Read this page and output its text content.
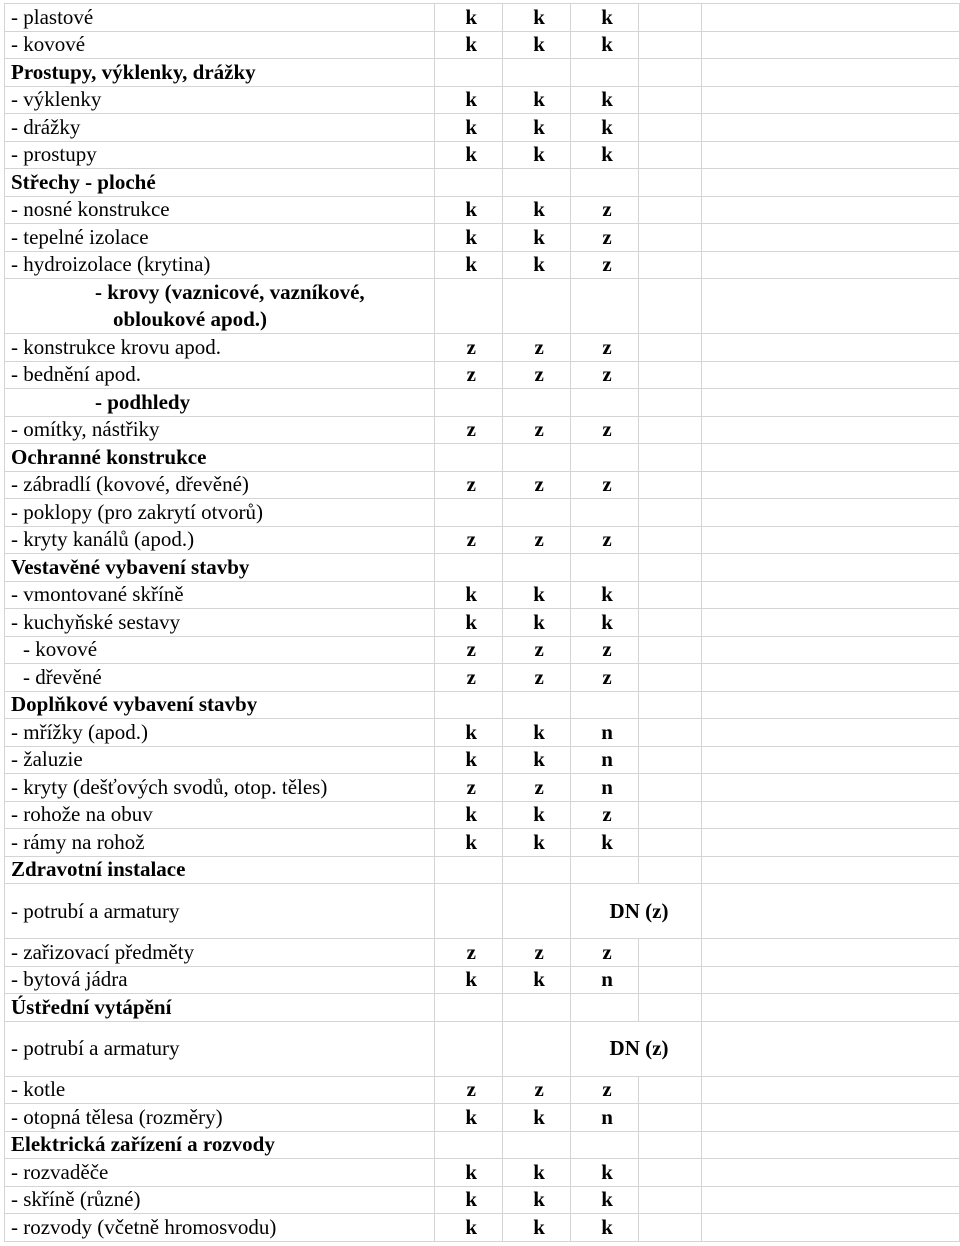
- plastové	k	k	k		
- kovové	k	k	k		
Prostupy, výklenky, drážky					
- výklenky	k	k	k		
- drážky	k	k	k		
- prostupy	k	k	k		
Střechy - ploché					
- nosné konstrukce	k	k	z		
- tepelné izolace	k	k	z		
- hydroizolace (krytina)	k	k	z		
- krovy (vaznicové, vazníkové,
obloukové apod.)					
- konstrukce krovu apod.	z	z	z		
- bednění apod.	z	z	z		
- podhledy					
- omítky, nástřiky	z	z	z		
Ochranné konstrukce					
- zábradlí (kovové, dřevěné)	z	z	z		
- poklopy (pro zakrytí otvorů)					
- kryty kanálů (apod.)	z	z	z		
Vestavěné vybavení stavby					
- vmontované skříně	k	k	k		
- kuchyňské sestavy	k	k	k		
- kovové	z	z	z		
- dřevěné	z	z	z		
Doplňkové vybavení stavby					
- mřížky (apod.)	k	k	n		
- žaluzie	k	k	n		
- kryty (dešťových svodů, otop. těles)	z	z	n		
- rohože na obuv	k	k	z		
- rámy na rohož	k	k	k		
Zdravotní instalace					
- potrubí a armatury			DN (z)		
- zařizovací předměty	z	z	z		
- bytová jádra	k	k	n		
Ústřední vytápění					
- potrubí a armatury			DN (z)		
- kotle	z	z	z		
- otopná tělesa (rozměry)	k	k	n		
Elektrická zařízení a rozvody					
- rozvaděče	k	k	k		
- skříně (různé)	k	k	k		
- rozvody (včetně hromosvodu)	k	k	k		
